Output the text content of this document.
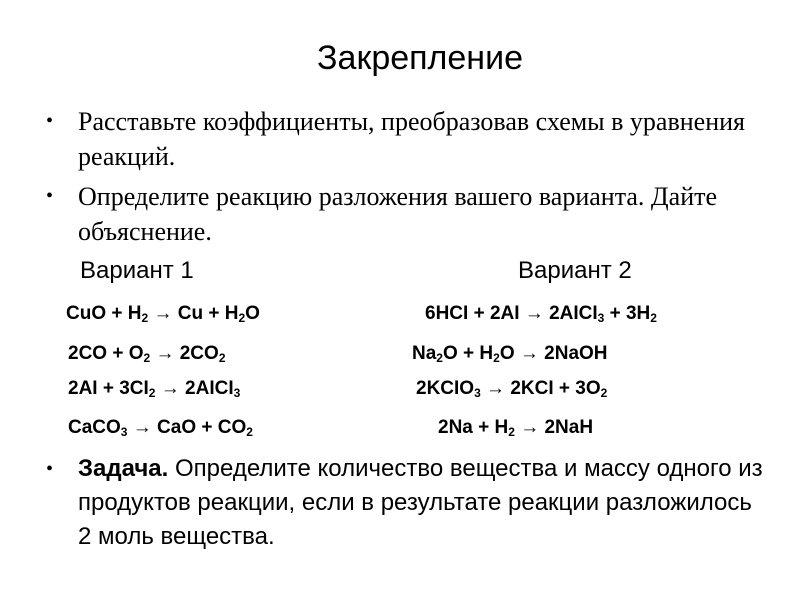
Закрепление
• Расставьте коэффициенты, преобразовав схемы в уравнения реакций.
• Определите реакцию разложения вашего варианта. Дайте объяснение.
Вариант 1	Вариант 2
CuO + $H_2 \to Cu + H_2O$
$2CO + O_2 \to 2CO_2$
$2AI + 3CI_2$ → $2AICI_3$
CaCO$_3$ → CaO + $CO_2$
$6HCI + 2AI \to 2AICI_3 + 3H_2$
$Na_2O + H_2O$ → 2NaOH
$2KCIO_3 \to 2KCI + 3O_2$
$2Na + H_2 \to 2NaH$
•	Задача. Определите количество вещества и массу одного из продуктов реакции, если в результате реакции разложилось 2 моль вещества.
